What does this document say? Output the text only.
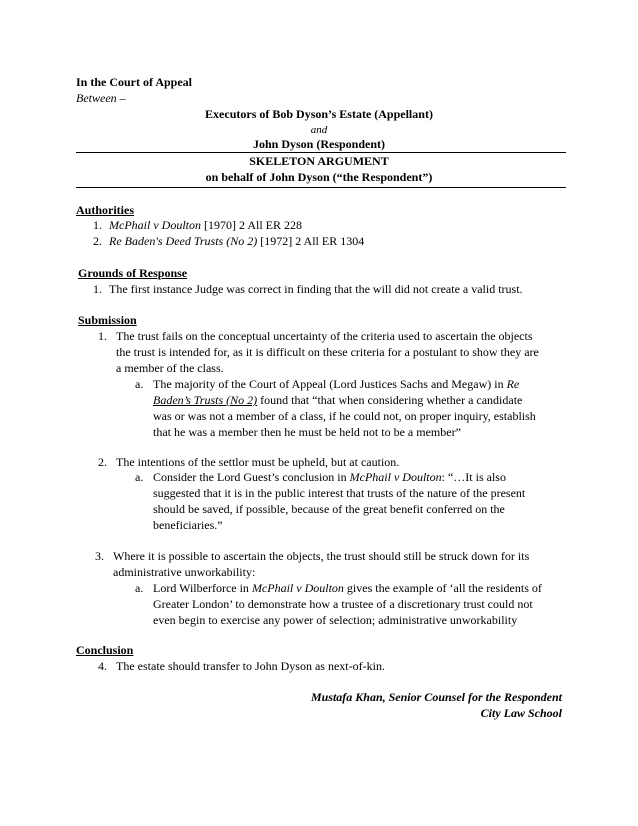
In the Court of Appeal
Between –
Executors of Bob Dyson’s Estate (Appellant)
and
John Dyson (Respondent)
SKELETON ARGUMENT
on behalf of John Dyson (“the Respondent”)
Authorities
1. McPhail v Doulton [1970] 2 All ER 228
2. Re Baden's Deed Trusts (No 2) [1972] 2 All ER 1304
Grounds of Response
1. The first instance Judge was correct in finding that the will did not create a valid trust.
Submission
1. The trust fails on the conceptual uncertainty of the criteria used to ascertain the objects
the trust is intended for, as it is difficult on these criteria for a postulant to show they are
a member of the class.
a. The majority of the Court of Appeal (Lord Justices Sachs and Megaw) in Re
Baden’s Trusts (No 2) found that “that when considering whether a candidate
was or was not a member of a class, if he could not, on proper inquiry, establish
that he was a member then he must be held not to be a member”
2. The intentions of the settlor must be upheld, but at caution.
a. Consider the Lord Guest’s conclusion in McPhail v Doulton: “…It is also
suggested that it is in the public interest that trusts of the nature of the present
should be saved, if possible, because of the great benefit conferred on the
beneficiaries.”
3. Where it is possible to ascertain the objects, the trust should still be struck down for its
administrative unworkability:
a. Lord Wilberforce in McPhail v Doulton gives the example of ‘all the residents of
Greater London’ to demonstrate how a trustee of a discretionary trust could not
even begin to exercise any power of selection; administrative unworkability
Conclusion
4. The estate should transfer to John Dyson as next-of-kin.
Mustafa Khan, Senior Counsel for the Respondent
City Law School
